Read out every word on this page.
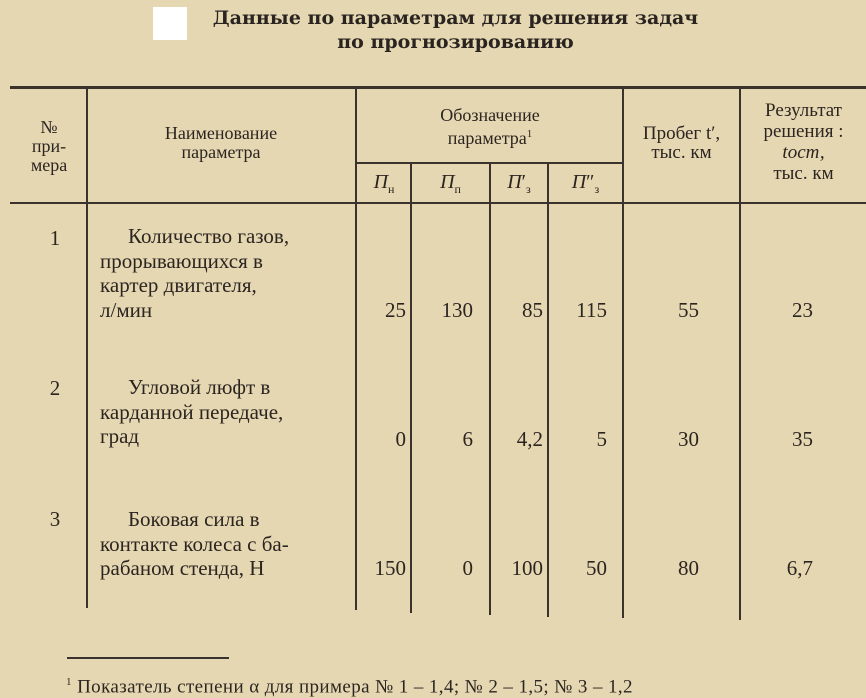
Данные по параметрам для решения задач
по прогнозированию
№
при-
мера
Наименование
параметра
Обозначение
параметра$^1$
$П_н$	$П_п$	$П'_з$	$П''_з$
Пробег t′,
тыс. км
Результат
решения :
tост,
тыс. км
1	Количество газов,
прорывающихся в
картер двигателя,
л/мин	25	130	85	115	55	23
2	Угловой люфт в
карданной передаче,
град	0	6	4,2	5	30	35
3	Боковая сила в
контакте колеса с ба-
рабаном стенда, Н	150	0	100	50	80	6,7
$^1$ Показатель степени α для примера № 1 – 1,4; № 2 – 1,5; № 3 – 1,2
